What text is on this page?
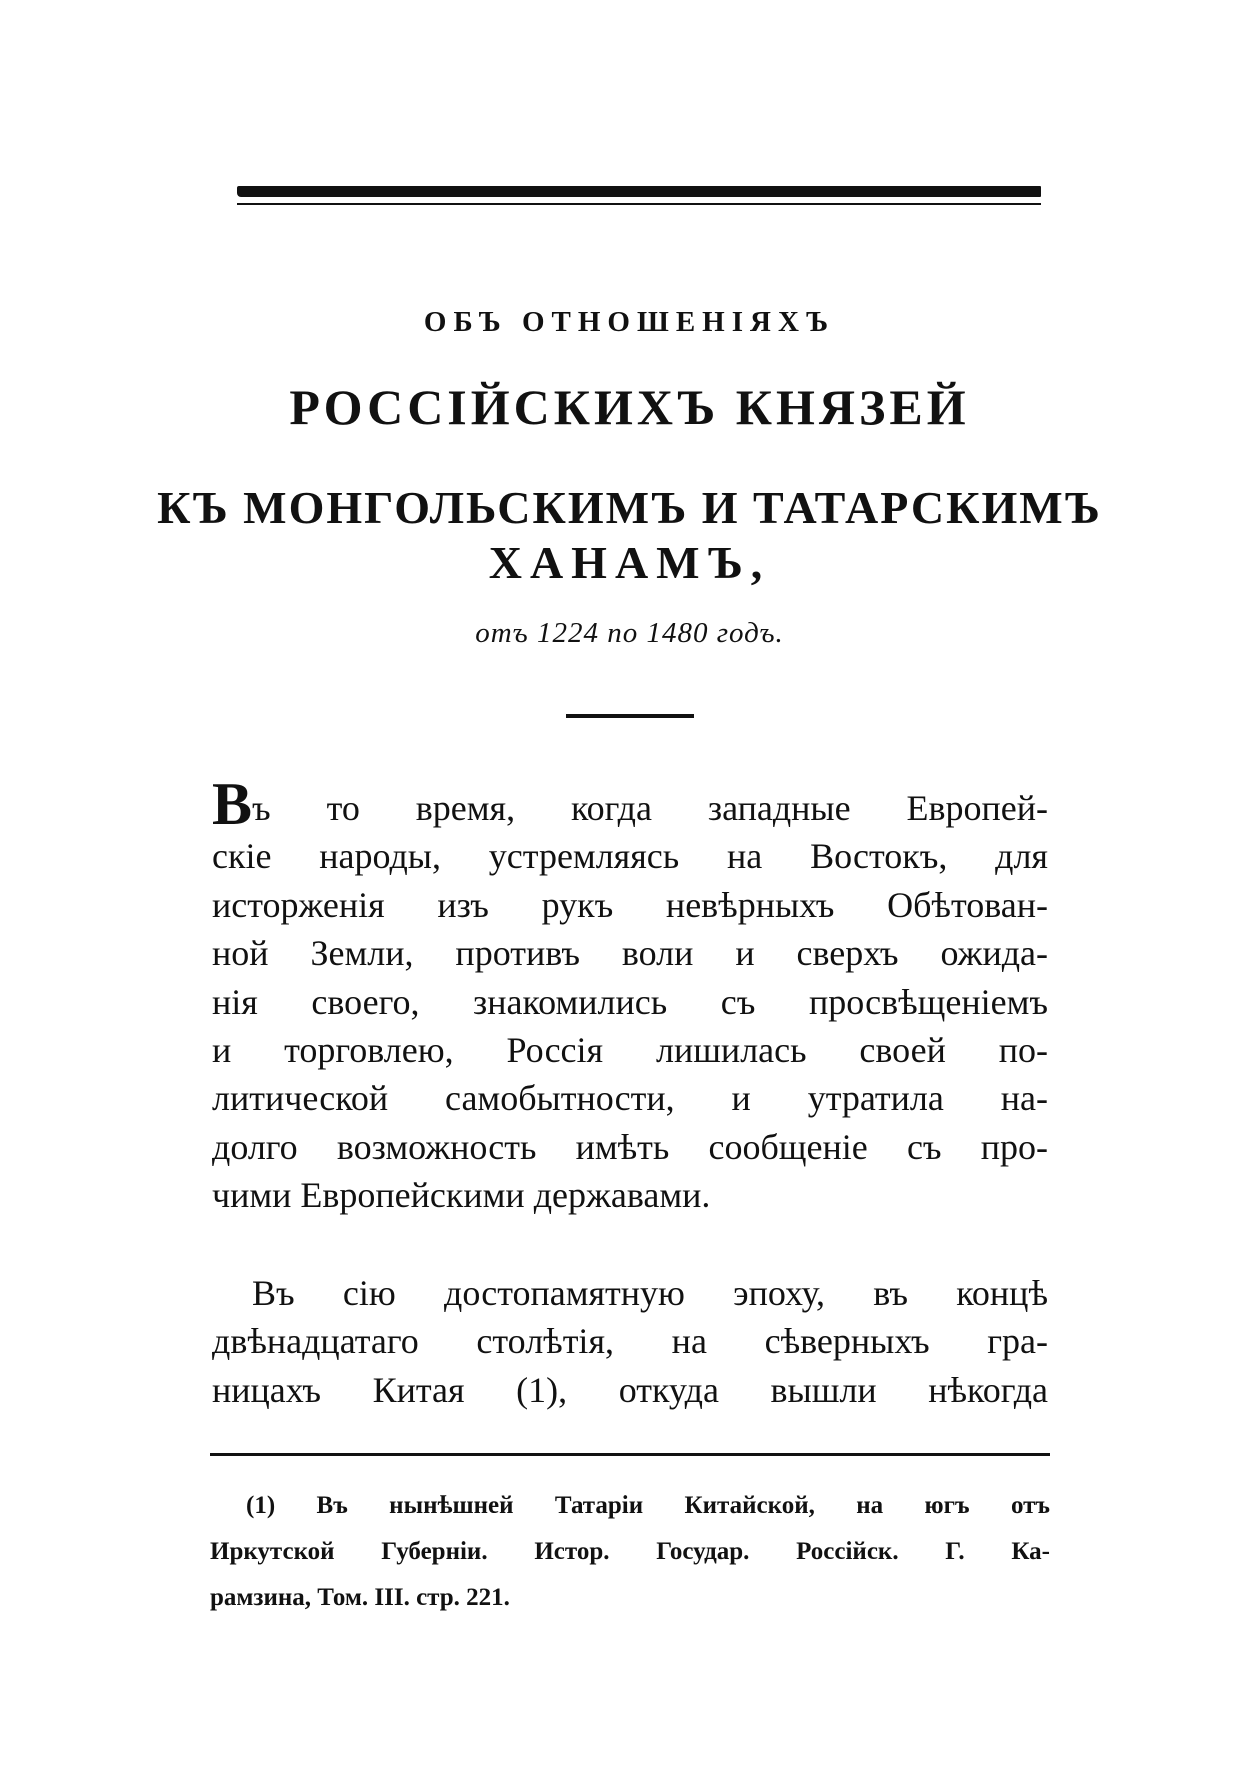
ОБЪ ОТНОШЕНІЯХЪ
РОССІЙСКИХЪ КНЯЗЕЙ
КЪ МОНГОЛЬСКИМЪ И ТАТАРСКИМЪ
ХАНАМЪ,
отъ 1224 по 1480 годъ.
Въ то время, когда западные Европей-
скіе народы, устремляясь на Востокъ, для
исторженія изъ рукъ невѣрныхъ Обѣтован-
ной Земли, противъ воли и сверхъ ожида-
нія своего, знакомились съ просвѣщеніемъ
и торговлею, Россія лишилась своей по-
литической самобытности, и утратила на-
долго возможность имѣть сообщеніе съ про-
чими Европейскими державами.
Въ сію достопамятную эпоху, въ концѣ
двѣнадцатаго столѣтія, на сѣверныхъ гра-
ницахъ Китая (1), откуда вышли нѣкогда
(1) Въ нынѣшней Татаріи Китайской, на югъ отъ
Иркутской Губерніи. Истор. Государ. Россійск. Г. Ка-
рамзина, Том. III. стр. 221.
